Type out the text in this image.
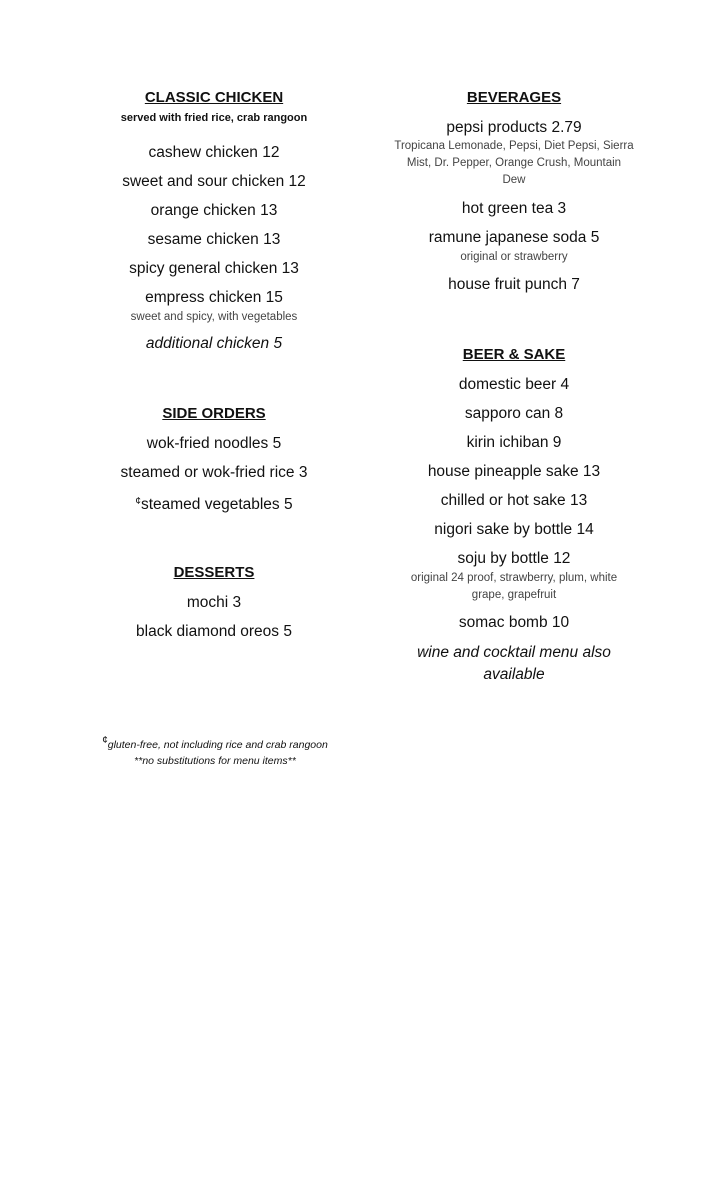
CLASSIC CHICKEN
served with fried rice, crab rangoon
cashew chicken 12
sweet and sour chicken 12
orange chicken 13
sesame chicken 13
spicy general chicken 13
empress chicken 15
sweet and spicy, with vegetables
additional chicken 5
SIDE ORDERS
wok-fried noodles 5
steamed or wok-fried rice 3
¢steamed vegetables 5
DESSERTS
mochi 3
black diamond oreos 5
BEVERAGES
pepsi products 2.79
Tropicana Lemonade, Pepsi, Diet Pepsi, Sierra Mist, Dr. Pepper, Orange Crush, Mountain Dew
hot green tea 3
ramune japanese soda 5
original or strawberry
house fruit punch 7
BEER & SAKE
domestic beer 4
sapporo can 8
kirin ichiban 9
house pineapple sake 13
chilled or hot sake 13
nigori sake by bottle 14
soju by bottle 12
original 24 proof, strawberry, plum, white grape, grapefruit
somac bomb 10
wine and cocktail menu also available
¢gluten-free, not including rice and crab rangoon
**no substitutions for menu items**
